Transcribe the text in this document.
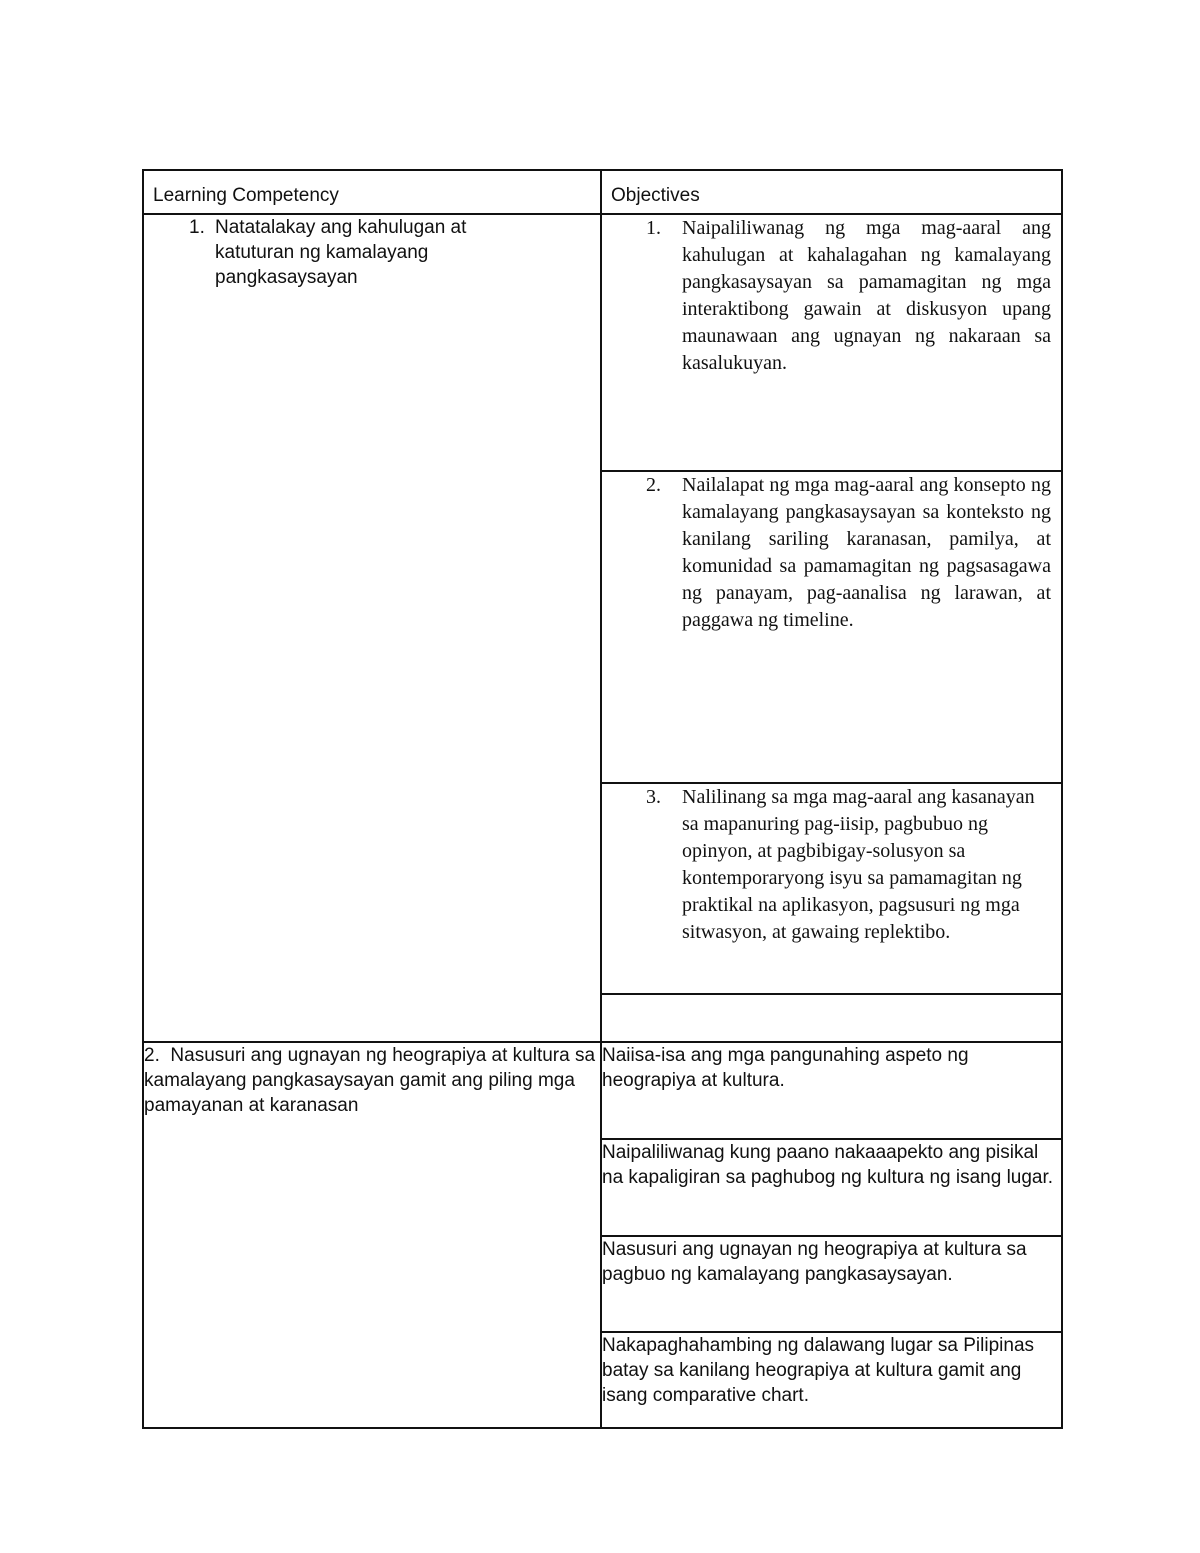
Learning Competency	Objectives

1. Natatalakay ang kahulugan at katuturan ng kamalayang pangkasaysayan	1. Naipaliliwanag ng mga mag-aaral ang kahulugan at kahalagahan ng kamalayang pangkasaysayan sa pamamagitan ng mga interaktibong gawain at diskusyon upang maunawaan ang ugnayan ng nakaraan sa kasalukuyan.

	2. Nailalapat ng mga mag-aaral ang konsepto ng kamalayang pangkasaysayan sa konteksto ng kanilang sariling karanasan, pamilya, at komunidad sa pamamagitan ng pagsasagawa ng panayam, pag-aanalisa ng larawan, at paggawa ng timeline.

	3. Nalilinang sa mga mag-aaral ang kasanayan sa mapanuring pag-iisip, pagbubuo ng opinyon, at pagbibigay-solusyon sa kontemporaryong isyu sa pamamagitan ng praktikal na aplikasyon, pagsusuri ng mga sitwasyon, at gawaing replektibo.

2. Nasusuri ang ugnayan ng heograpiya at kultura sa kamalayang pangkasaysayan gamit ang piling mga pamayanan at karanasan	Naiisa-isa ang mga pangunahing aspeto ng heograpiya at kultura.
	Naipaliliwanag kung paano nakaaapekto ang pisikal na kapaligiran sa paghubog ng kultura ng isang lugar.
	Nasusuri ang ugnayan ng heograpiya at kultura sa pagbuo ng kamalayang pangkasaysayan.
	Nakapaghahambing ng dalawang lugar sa Pilipinas batay sa kanilang heograpiya at kultura gamit ang isang comparative chart.
